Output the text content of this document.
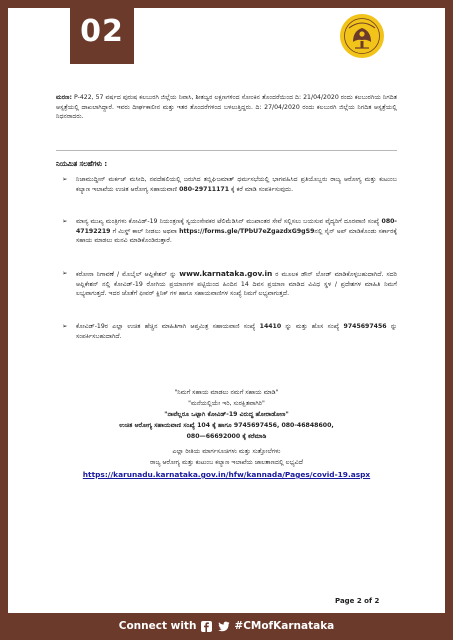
02
ಮರಣ: P-422, 57 ವರ್ಷದ ಪುರುಷ ಕಲಬುರಗಿ ಜಿಲ್ಲೆಯ ನಿವಾಸಿ, ಶೀತಜ್ವರ ಲಕ್ಷಣಗಳಿಂದ ಸೋಂಕಿನ ತೊಂದರೆಯಿಂದ ದಿ: 21/04/2020 ರಂದು ಕಲಬುರಗಿಯ ನಿಗದಿತ ಆಸ್ಪತ್ರೆಯಲ್ಲಿ ದಾಖಲಾಗಿದ್ದಾರೆ. ಇವರು ದೀರ್ಘಕಾಲೀನ ಮತ್ತು ಇತರ ತೊಂದರೆಗಳಿಂದ ಬಳಲುತ್ತಿದ್ದರು. ದಿ: 27/04/2020 ರಂದು ಕಲಬುರಗಿ ಜಿಲ್ಲೆಯ ನಿಗದಿತ ಆಸ್ಪತ್ರೆಯಲ್ಲಿ ನಿಧನರಾದರು.
ನಿಯಮಿತ ಸಲಹೆಗಳು :
➢ ನಿಜಾಮುದ್ದೀನ್ ಮರ್ಕಜ್ ಮಸೀದಿ, ನವದೆಹಲಿಯಲ್ಲಿ ಜರುಗಿದ ತಬ್ಲಿಘಿಜಮಾತ್ ಧರ್ಮಸಭೆಯಲ್ಲಿ ಭಾಗವಹಿಸಿದ ಪ್ರತಿಯೊಬ್ಬರು ರಾಜ್ಯ ಆರೋಗ್ಯ ಮತ್ತು ಕುಟುಂಬ ಕಲ್ಯಾಣ ಇಲಾಖೆಯ ಉಚಿತ ಆರೋಗ್ಯ ಸಹಾಯವಾಣಿ 080-29711171 ಕ್ಕೆ ಕರೆ ಮಾಡಿ ಸಂಪರ್ಕಿಸುವುದು.
➢ ಮಾನ್ಯ ಮುಖ್ಯ ಮಂತ್ರಿಗಳು ಕೋವಿಡ್-19 ನಿಯಂತ್ರಣಕ್ಕೆ ಸ್ವಯಂಸೇವಕರ ಟೆಲಿಮೆಡಿಸಿನ್ ಮುಖಾಂತರ ಸೇವೆ ಸಲ್ಲಿಸಲು ಬಯಸುವ ವೈದ್ಯರಿಗೆ ದೂರವಾಣಿ ಸಂಖ್ಯೆ 080-47192219 ಗೆ ಮಿಸ್ಡ್ ಕಾಲ್ ನೀಡಲು ಅಥವಾ https://forms.gle/TPbU7eZgazdxG9gS9ನಲ್ಲಿ ಸೈನ್ ಅಪ್ ಮಾಡಿಕೊಂಡು ಸರ್ಕಾರಕ್ಕೆ ಸಹಾಯ ಮಾಡಲು ಮನವಿ ಮಾಡಿಕೊಂಡಿರುತ್ತಾರೆ.
➢ ಕರೋನಾ ನಿಗಾವಣೆ / ಮೊಬೈಲ್ ಆಪ್ಲಿಕೇಶನ್ ನ್ನು www.karnataka.gov.in ರ ಮೂಲಕ ಡೌನ್ ಲೋಡ್ ಮಾಡಿಕೊಳ್ಳಬಹುದಾಗಿದೆ. ಸದರಿ ಆಪ್ಲಿಕೇಶನ್ ನಲ್ಲಿ ಕೋವಿಡ್-19 ರೋಗಿಯ ಪ್ರಯಾಣಗಳ ಪಟ್ಟಿಯಿಂದ ಹಿಂದಿನ 14 ದಿವಸ ಪ್ರಯಾಣ ಮಾಡಿದ ವಿವಿಧ ಸ್ಥಳ / ಪ್ರದೇಶಗಳ ಮಾಹಿತಿ ನಿಮಗೆ ಲಭ್ಯವಾಗುತ್ತದೆ. ಇದರ ಜೊತೆಗೆ ಫೀವರ್ ಕ್ಲಿನಿಕ್ ಗಳ ಹಾಗೂ ಸಹಾಯವಾಣಿಗಳ ಸಂಖ್ಯೆ ನಿಮಗೆ ಲಭ್ಯವಾಗುತ್ತದೆ.
➢ ಕೋವಿಡ್-19ರ ಎಲ್ಲಾ ಉಚಿತ ಹೆಚ್ಚಿನ ಮಾಹಿತಿಗಾಗಿ ಆಪ್ತಮಿತ್ರ ಸಹಾಯವಾಣಿ ಸಂಖ್ಯೆ 14410 ನ್ನು ಮತ್ತು ಹೊಸ ಸಂಖ್ಯೆ 9745697456 ನ್ನು ಸಂಪರ್ಕಿಸಬಹುದಾಗಿದೆ.
"ನಿಮಗೆ ಸಹಾಯ ಮಾಡಲು ನಮಗೆ ಸಹಾಯ ಮಾಡಿ"
"ಮನೆಯಲ್ಲಿಯೇ ಇರಿ, ಸುರಕ್ಷಿತವಾಗಿರಿ"
"ನಾವೆಲ್ಲರೂ ಒಟ್ಟಾಗಿ ಕೋವಿಡ್-19 ವಿರುದ್ಧ ಹೋರಾಡೋಣ"
ಉಚಿತ ಆರೋಗ್ಯ ಸಹಾಯವಾಣಿ ಸಂಖ್ಯೆ 104 ಕ್ಕೆ ಹಾಗೂ 9745697456, 080-46848600,
080—66692000 ಕ್ಕೆ ಕರೆಮಾಡಿ
ಎಲ್ಲಾ ರೀತಿಯ ಮಾರ್ಗಸೂಚಿಗಳು ಮತ್ತು ಸುತ್ತೋಲೆಗಳು
ರಾಜ್ಯ ಆರೋಗ್ಯ ಮತ್ತು ಕುಟುಂಬ ಕಲ್ಯಾಣ ಇಲಾಖೆಯ ಜಾಲತಾಣದಲ್ಲಿ ಲಭ್ಯವಿದೆ
https://karunadu.karnataka.gov.in/hfw/kannada/Pages/covid-19.aspx
Page 2 of 2
Connect with	#CMofKarnataka
